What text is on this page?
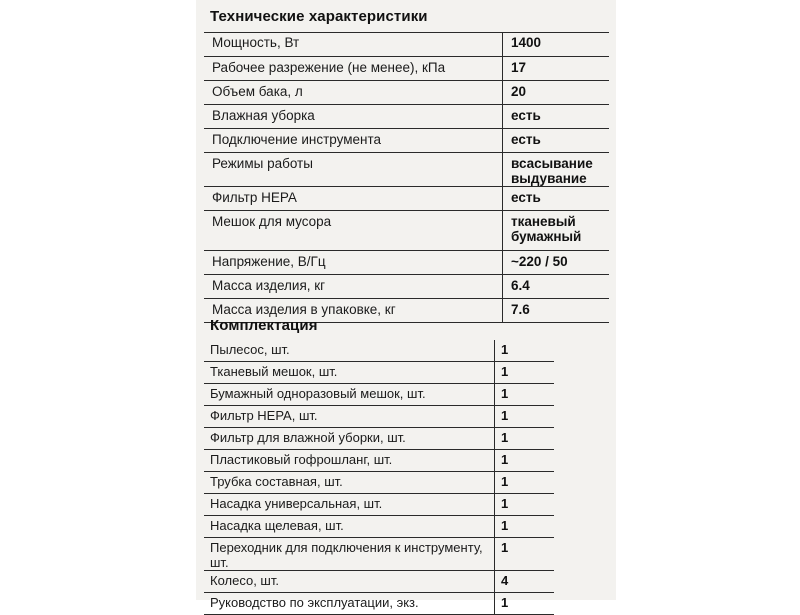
Технические характеристики
Мощность, Вт	1400
Рабочее разрежение (не менее), кПа	17
Объем бака, л	20
Влажная уборка	есть
Подключение инструмента	есть
Режимы работы	всасывание
выдувание
Фильтр HEPA	есть
Мешок для мусора	тканевый
бумажный
Напряжение, В/Гц	~220 / 50
Масса изделия, кг	6.4
Масса изделия в упаковке, кг	7.6
Комплектация
Пылесос, шт.	1
Тканевый мешок, шт.	1
Бумажный одноразовый мешок, шт.	1
Фильтр HEPA, шт.	1
Фильтр для влажной уборки, шт.	1
Пластиковый гофрошланг, шт.	1
Трубка составная, шт.	1
Насадка универсальная, шт.	1
Насадка щелевая, шт.	1
Переходник для подключения к инструменту, шт.	1
Колесо, шт.	4
Руководство по эксплуатации, экз.	1
